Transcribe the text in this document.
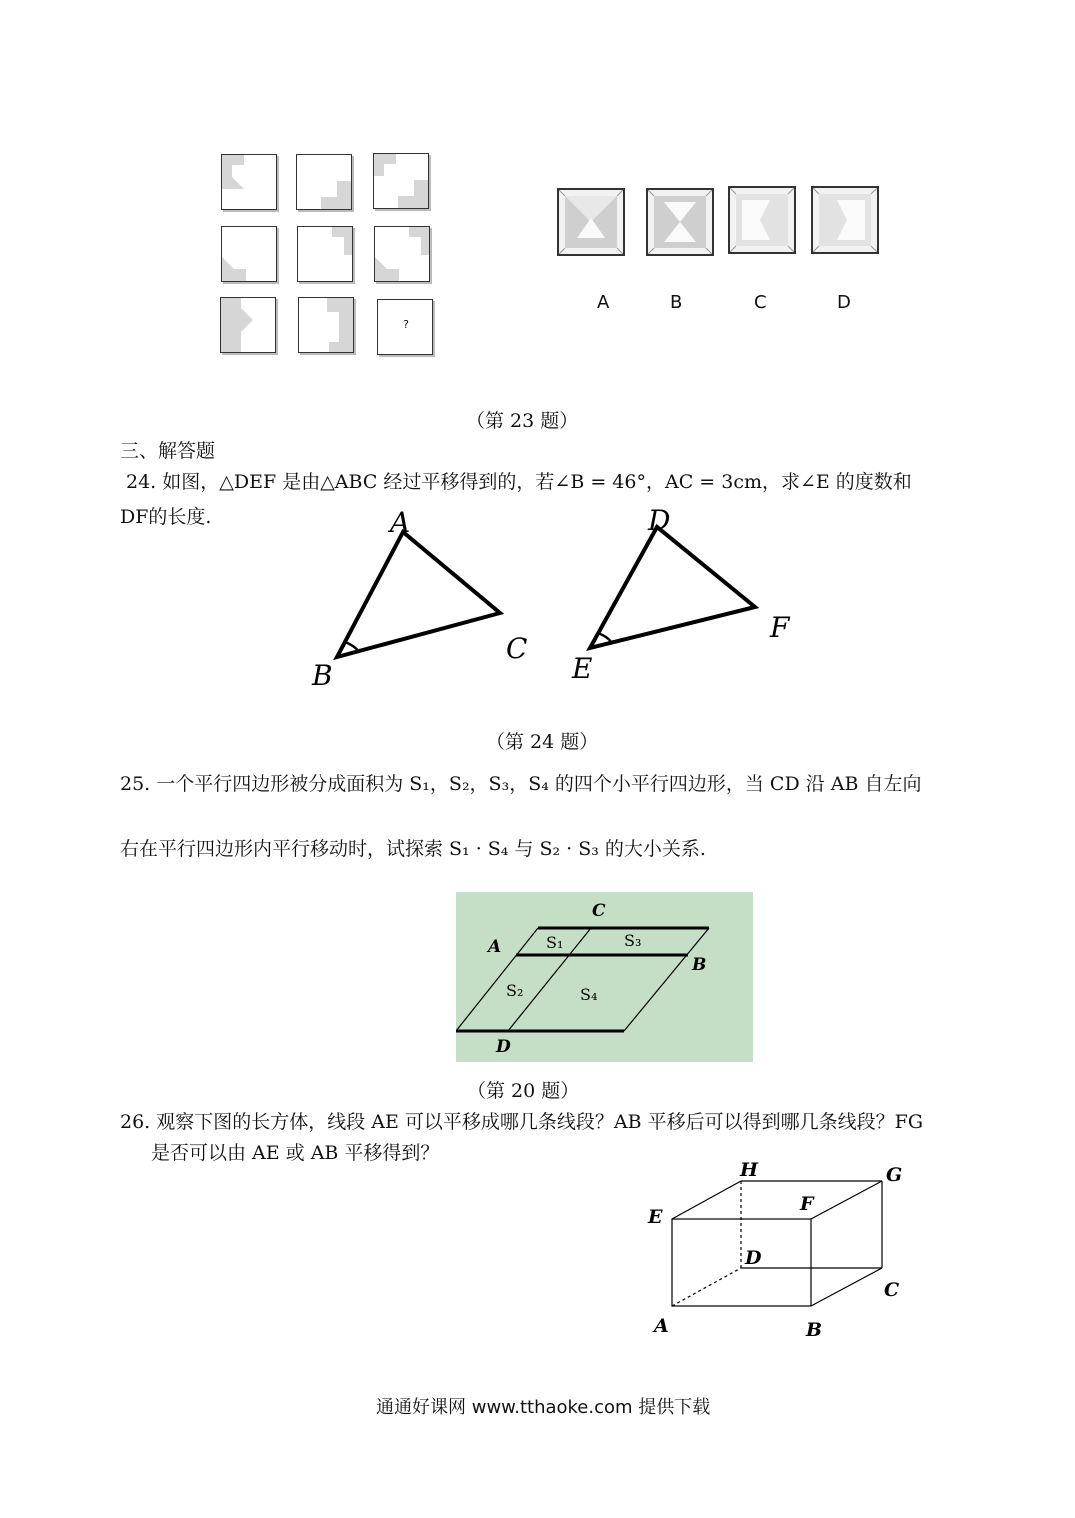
?
A	B	C	D
（第 23 题）
三、解答题
24. 如图，△DEF 是由△ABC 经过平移得到的，若∠B = 46°，AC = 3cm，求∠E 的度数和
DF的长度.	A
B
C
D
E
F
（第 24 题）
25. 一个平行四边形被分成面积为 S₁，S₂，S₃，S₄ 的四个小平行四边形，当 CD 沿 AB 自左向
右在平行四边形内平行移动时，试探索 S₁ · S₄ 与 S₂ · S₃ 的大小关系.
C
A
B
D
S₁	S₃
S₂	S₄
（第 20 题）
26. 观察下图的长方体，线段 AE 可以平移成哪几条线段？AB 平移后可以得到哪几条线段？FG
是否可以由 AE 或 AB 平移得到？
H	G
E
F
D
C
A	B
通通好课网 www.tthaoke.com 提供下载
